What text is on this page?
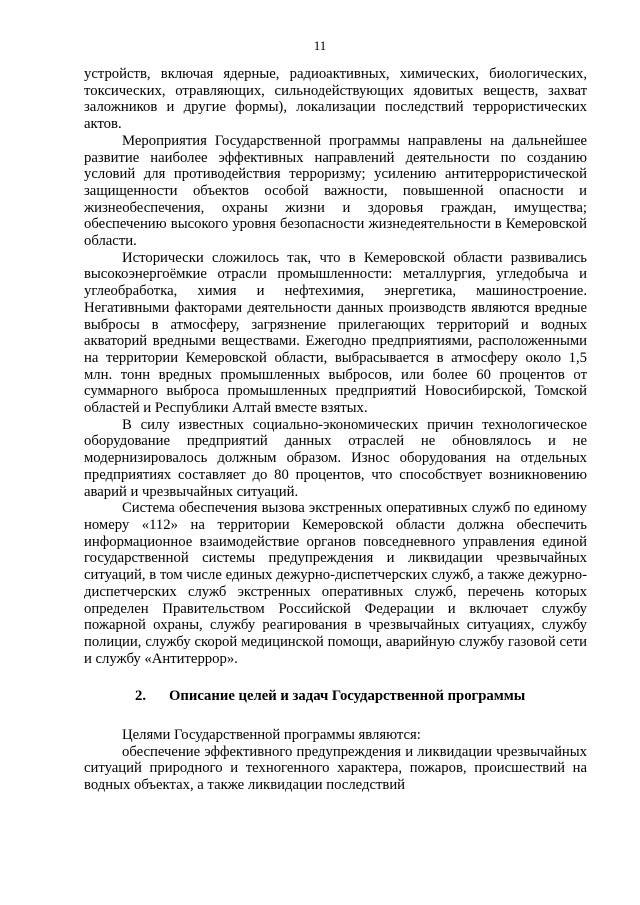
11

устройств, включая ядерные, радиоактивных, химических, биологических, токсических, отравляющих, сильнодействующих ядовитых веществ, захват заложников и другие формы), локализации последствий террористических актов.

Мероприятия Государственной программы направлены на дальнейшее развитие наиболее эффективных направлений деятельности по созданию условий для противодействия терроризму; усилению антитеррористической защищенности объектов особой важности, повышенной опасности и жизнеобеспечения, охраны жизни и здоровья граждан, имущества; обеспечению высокого уровня безопасности жизнедеятельности в Кемеровской области.

Исторически сложилось так, что в Кемеровской области развивались высокоэнергоёмкие отрасли промышленности: металлургия, угледобыча и углеобработка, химия и нефтехимия, энергетика, машиностроение. Негативными факторами деятельности данных производств являются вредные выбросы в атмосферу, загрязнение прилегающих территорий и водных акваторий вредными веществами. Ежегодно предприятиями, расположенными на территории Кемеровской области, выбрасывается в атмосферу около 1,5 млн. тонн вредных промышленных выбросов, или более 60 процентов от суммарного выброса промышленных предприятий Новосибирской, Томской областей и Республики Алтай вместе взятых.

В силу известных социально-экономических причин технологическое оборудование предприятий данных отраслей не обновлялось и не модернизировалось должным образом. Износ оборудования на отдельных предприятиях составляет до 80 процентов, что способствует возникновению аварий и чрезвычайных ситуаций.

Система обеспечения вызова экстренных оперативных служб по единому номеру «112» на территории Кемеровской области должна обеспечить информационное взаимодействие органов повседневного управления единой государственной системы предупреждения и ликвидации чрезвычайных ситуаций, в том числе единых дежурно-диспетчерских служб, а также дежурно-диспетчерских служб экстренных оперативных служб, перечень которых определен Правительством Российской Федерации и включает службу пожарной охраны, службу реагирования в чрезвычайных ситуациях, службу полиции, службу скорой медицинской помощи, аварийную службу газовой сети и службу «Антитеррор».

2. Описание целей и задач Государственной программы

Целями Государственной программы являются:

обеспечение эффективного предупреждения и ликвидации чрезвычайных ситуаций природного и техногенного характера, пожаров, происшествий на водных объектах, а также ликвидации последствий
